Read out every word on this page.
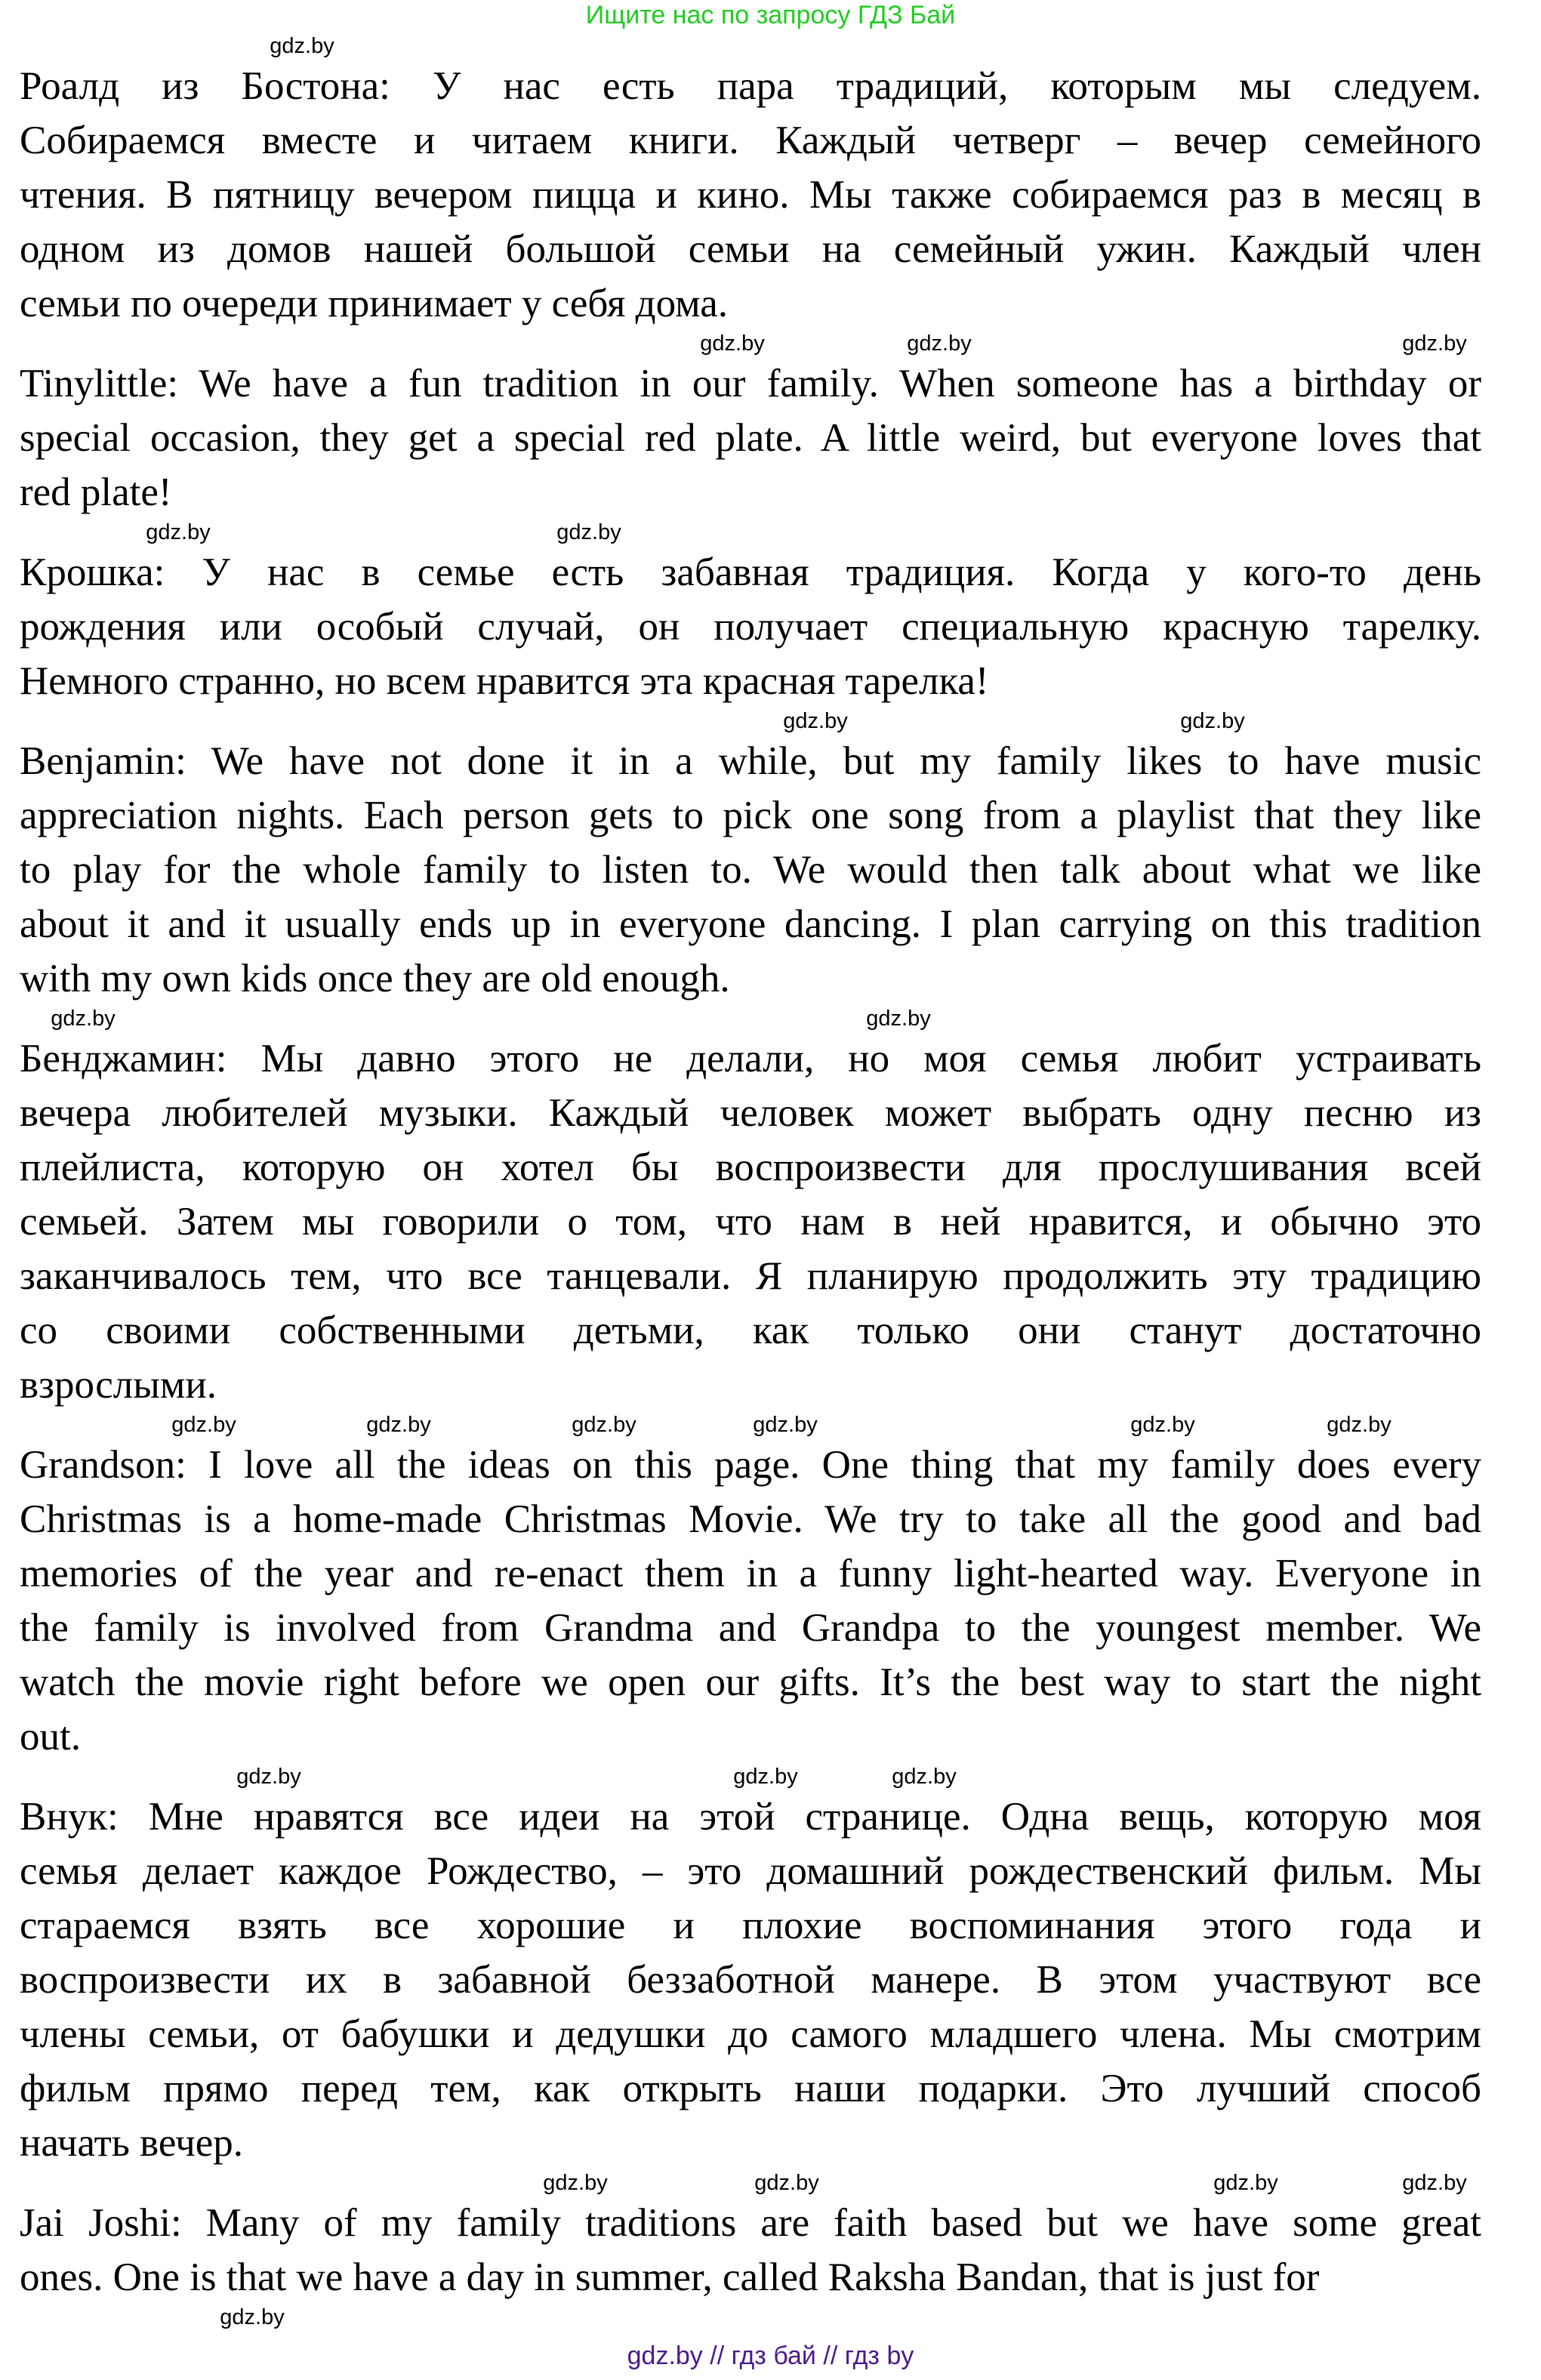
Ищите нас по запросу ГДЗ Бай
gdz.by
Роалд из Бостона: У нас есть пара традиций, которым мы следуем.
Собираемся вместе и читаем книги. Каждый четверг – вечер семейного
чтения. В пятницу вечером пицца и кино. Мы также собираемся раз в месяц в
одном из домов нашей большой семьи на семейный ужин. Каждый член
семьи по очереди принимает у себя дома.
gdz.by	gdz.by	gdz.by
Tinylittle: We have a fun tradition in our family. When someone has a birthday or
special occasion, they get a special red plate. A little weird, but everyone loves that
red plate!
gdz.by	gdz.by
Крошка: У нас в семье есть забавная традиция. Когда у кого-то день
рождения или особый случай, он получает специальную красную тарелку.
Немного странно, но всем нравится эта красная тарелка!
gdz.by	gdz.by
Benjamin: We have not done it in a while, but my family likes to have music
appreciation nights. Each person gets to pick one song from a playlist that they like
to play for the whole family to listen to. We would then talk about what we like
about it and it usually ends up in everyone dancing. I plan carrying on this tradition
with my own kids once they are old enough.
gdz.by	gdz.by
Бенджамин: Мы давно этого не делали, но моя семья любит устраивать
вечера любителей музыки. Каждый человек может выбрать одну песню из
плейлиста, которую он хотел бы воспроизвести для прослушивания всей
семьей. Затем мы говорили о том, что нам в ней нравится, и обычно это
заканчивалось тем, что все танцевали. Я планирую продолжить эту традицию
со своими собственными детьми, как только они станут достаточно
взрослыми.
gdz.by	gdz.by	gdz.by	gdz.by	gdz.by	gdz.by
Grandson: I love all the ideas on this page. One thing that my family does every
Christmas is a home-made Christmas Movie. We try to take all the good and bad
memories of the year and re-enact them in a funny light-hearted way. Everyone in
the family is involved from Grandma and Grandpa to the youngest member. We
watch the movie right before we open our gifts. It’s the best way to start the night
out.
gdz.by	gdz.by	gdz.by
Внук: Мне нравятся все идеи на этой странице. Одна вещь, которую моя
семья делает каждое Рождество, – это домашний рождественский фильм. Мы
стараемся взять все хорошие и плохие воспоминания этого года и
воспроизвести их в забавной беззаботной манере. В этом участвуют все
члены семьи, от бабушки и дедушки до самого младшего члена. Мы смотрим
фильм прямо перед тем, как открыть наши подарки. Это лучший способ
начать вечер.
gdz.by	gdz.by	gdz.by	gdz.by
Jai Joshi: Many of my family traditions are faith based but we have some great
ones. One is that we have a day in summer, called Raksha Bandan, that is just for
gdz.by
gdz.by // гдз бай // гдз by
